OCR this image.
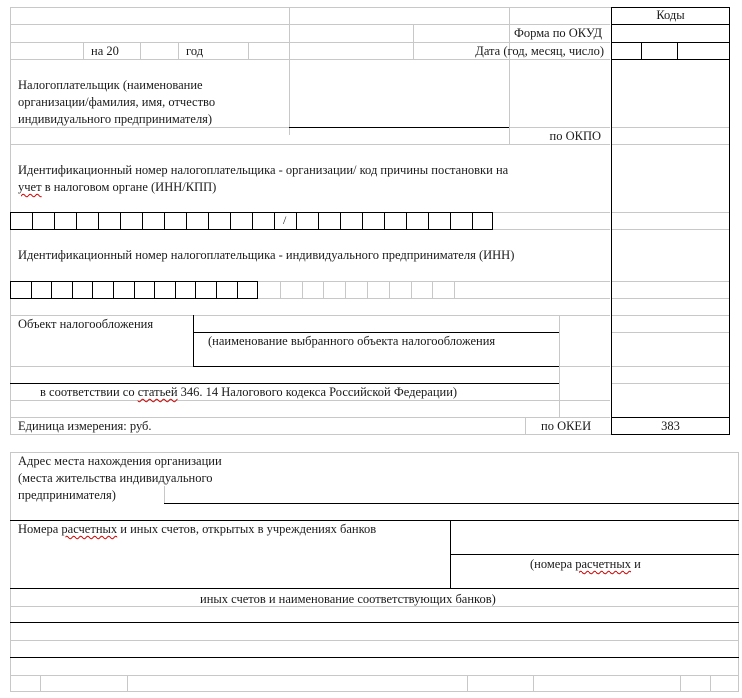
Коды
Форма по ОКУД
на 20	год	Дата (год, месяц, число)
Налогоплательщик (наименование
организации/фамилия, имя, отчество
индивидуального предпринимателя)
по ОКПО
Идентификационный номер налогоплательщика - организации/ код причины постановки на
учет в налоговом органе (ИНН/КПП)
/
Идентификационный номер налогоплательщика - индивидуального предпринимателя (ИНН)
Объект налогообложения
(наименование выбранного объекта налогообложения
в соответствии со статьей 346. 14 Налогового кодекса Российской Федерации)
Единица измерения: руб.	по ОКЕИ	383
Адрес места нахождения организации
(места жительства индивидуального
предпринимателя)
Номера расчетных и иных счетов, открытых в учреждениях банков
(номера расчетных и
иных счетов и наименование соответствующих банков)
